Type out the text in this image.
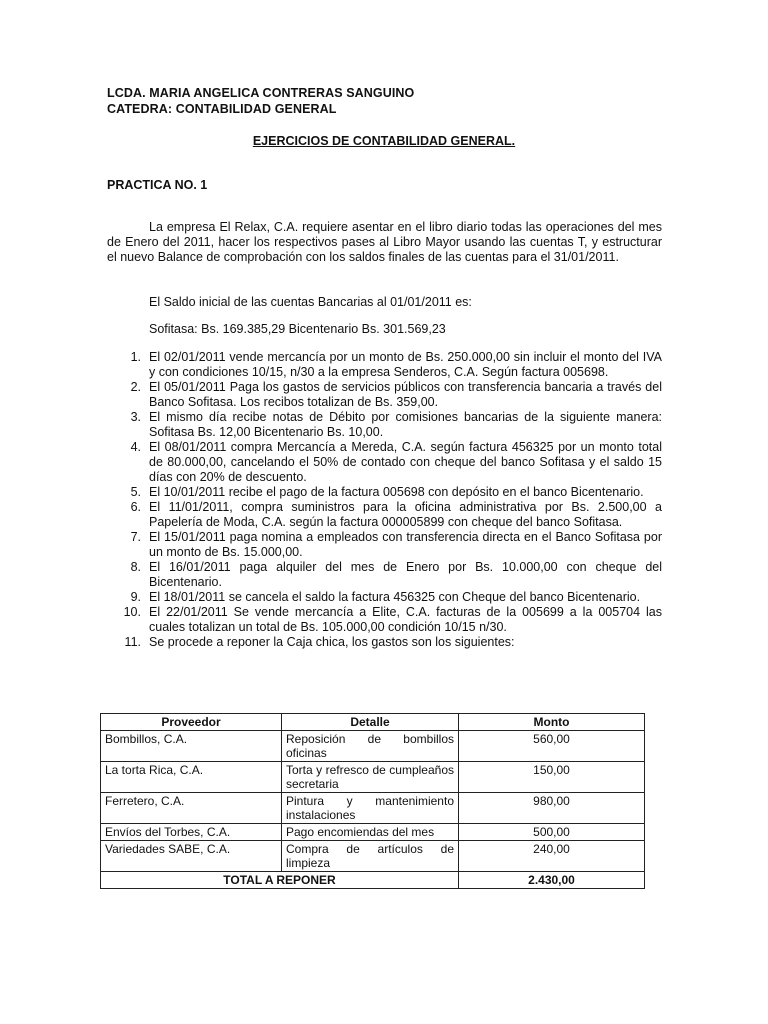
LCDA. MARIA ANGELICA CONTRERAS SANGUINO
CATEDRA: CONTABILIDAD GENERAL
EJERCICIOS DE CONTABILIDAD GENERAL.
PRACTICA NO. 1
La empresa El Relax, C.A. requiere asentar en el libro diario todas las operaciones del mes de Enero del 2011, hacer los respectivos pases al Libro Mayor usando las cuentas T, y estructurar el nuevo Balance de comprobación con los saldos finales de las cuentas para el 31/01/2011.
El Saldo inicial de las cuentas Bancarias al 01/01/2011 es:
Sofitasa: Bs. 169.385,29 Bicentenario Bs. 301.569,23
1. El 02/01/2011 vende mercancía por un monto de Bs. 250.000,00 sin incluir el monto del IVA y con condiciones 10/15, n/30 a la empresa Senderos, C.A. Según factura 005698.
2. El 05/01/2011 Paga los gastos de servicios públicos con transferencia bancaria a través del Banco Sofitasa. Los recibos totalizan de Bs. 359,00.
3. El mismo día recibe notas de Débito por comisiones bancarias de la siguiente manera: Sofitasa Bs. 12,00 Bicentenario Bs. 10,00.
4. El 08/01/2011 compra Mercancía a Mereda, C.A. según factura 456325 por un monto total de 80.000,00, cancelando el 50% de contado con cheque del banco Sofitasa y el saldo 15 días con 20% de descuento.
5. El 10/01/2011 recibe el pago de la factura 005698 con depósito en el banco Bicentenario.
6. El 11/01/2011, compra suministros para la oficina administrativa por Bs. 2.500,00 a Papelería de Moda, C.A. según la factura 000005899 con cheque del banco Sofitasa.
7. El 15/01/2011 paga nomina a empleados con transferencia directa en el Banco Sofitasa por un monto de Bs. 15.000,00.
8. El 16/01/2011 paga alquiler del mes de Enero por Bs. 10.000,00 con cheque del Bicentenario.
9. El 18/01/2011 se cancela el saldo la factura 456325 con Cheque del banco Bicentenario.
10. El 22/01/2011 Se vende mercancía a Elite, C.A. facturas de la 005699 a la 005704 las cuales totalizan un total de Bs. 105.000,00 condición 10/15 n/30.
11. Se procede a reponer la Caja chica, los gastos son los siguientes:
Proveedor	Detalle	Monto
Bombillos, C.A.	Reposición de bombillos oficinas	560,00
La torta Rica, C.A.	Torta y refresco de cumpleaños secretaria	150,00
Ferretero, C.A.	Pintura y mantenimiento instalaciones	980,00
Envíos del Torbes, C.A.	Pago encomiendas del mes	500,00
Variedades SABE, C.A.	Compra de artículos de limpieza	240,00
TOTAL A REPONER		2.430,00
